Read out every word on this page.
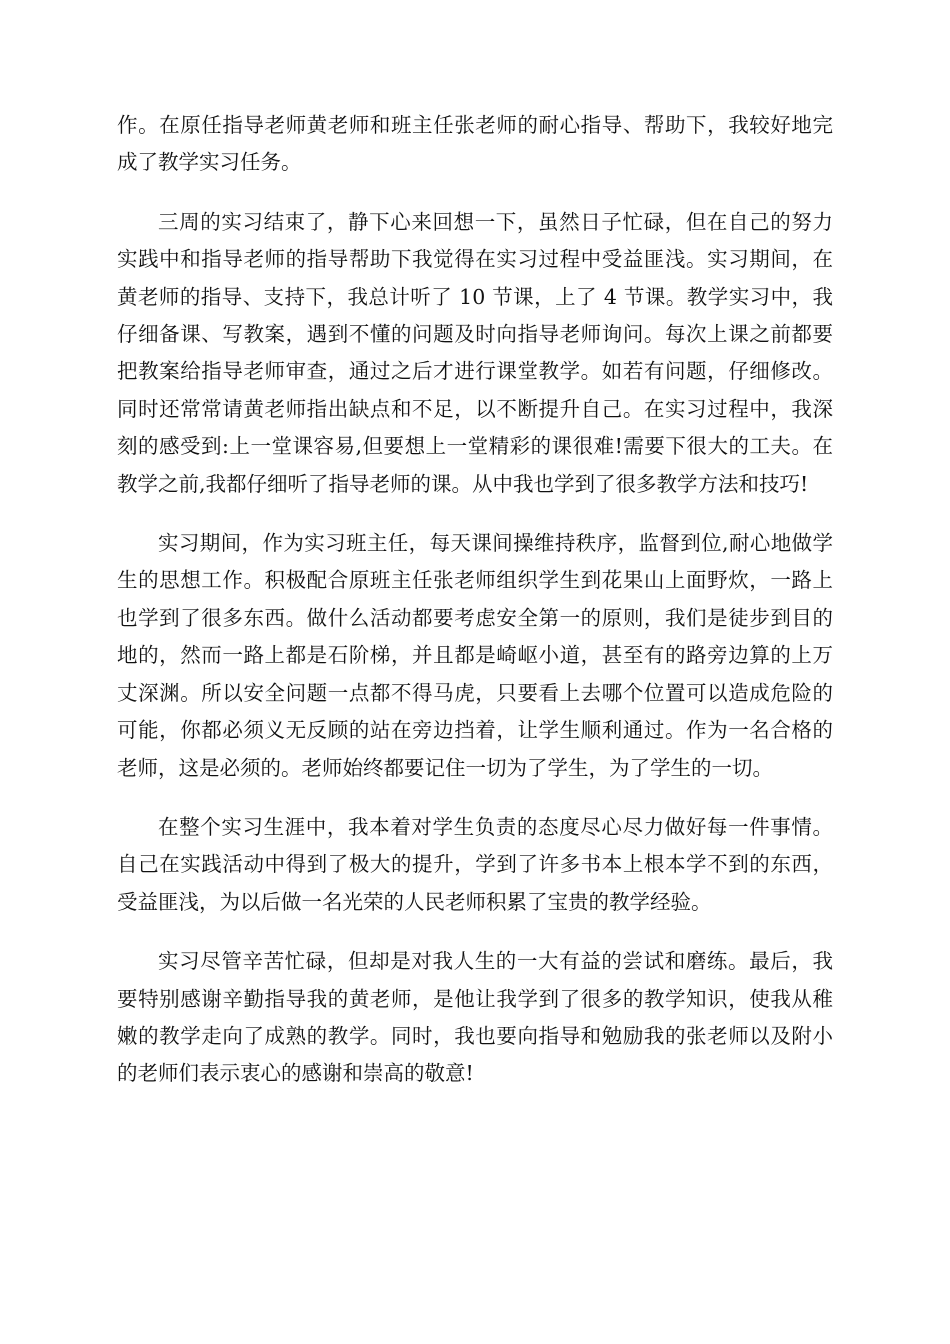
作。在原任指导老师黄老师和班主任张老师的耐心指导、帮助下，我较好地完成了教学实习任务。

三周的实习结束了，静下心来回想一下，虽然日子忙碌，但在自己的努力实践中和指导老师的指导帮助下我觉得在实习过程中受益匪浅。实习期间，在黄老师的指导、支持下，我总计听了 10 节课，上了 4 节课。教学实习中，我仔细备课、写教案，遇到不懂的问题及时向指导老师询问。每次上课之前都要把教案给指导老师审查，通过之后才进行课堂教学。如若有问题，仔细修改。同时还常常请黄老师指出缺点和不足，以不断提升自己。在实习过程中，我深刻的感受到:上一堂课容易,但要想上一堂精彩的课很难!需要下很大的工夫。在教学之前,我都仔细听了指导老师的课。从中我也学到了很多教学方法和技巧!

实习期间，作为实习班主任，每天课间操维持秩序，监督到位,耐心地做学生的思想工作。积极配合原班主任张老师组织学生到花果山上面野炊，一路上也学到了很多东西。做什么活动都要考虑安全第一的原则，我们是徒步到目的地的，然而一路上都是石阶梯，并且都是崎岖小道，甚至有的路旁边算的上万丈深渊。所以安全问题一点都不得马虎，只要看上去哪个位置可以造成危险的可能，你都必须义无反顾的站在旁边挡着，让学生顺利通过。作为一名合格的老师，这是必须的。老师始终都要记住一切为了学生，为了学生的一切。

在整个实习生涯中，我本着对学生负责的态度尽心尽力做好每一件事情。自己在实践活动中得到了极大的提升，学到了许多书本上根本学不到的东西，受益匪浅，为以后做一名光荣的人民老师积累了宝贵的教学经验。

实习尽管辛苦忙碌，但却是对我人生的一大有益的尝试和磨练。最后，我要特别感谢辛勤指导我的黄老师，是他让我学到了很多的教学知识，使我从稚嫩的教学走向了成熟的教学。同时，我也要向指导和勉励我的张老师以及附小的老师们表示衷心的感谢和崇高的敬意!
